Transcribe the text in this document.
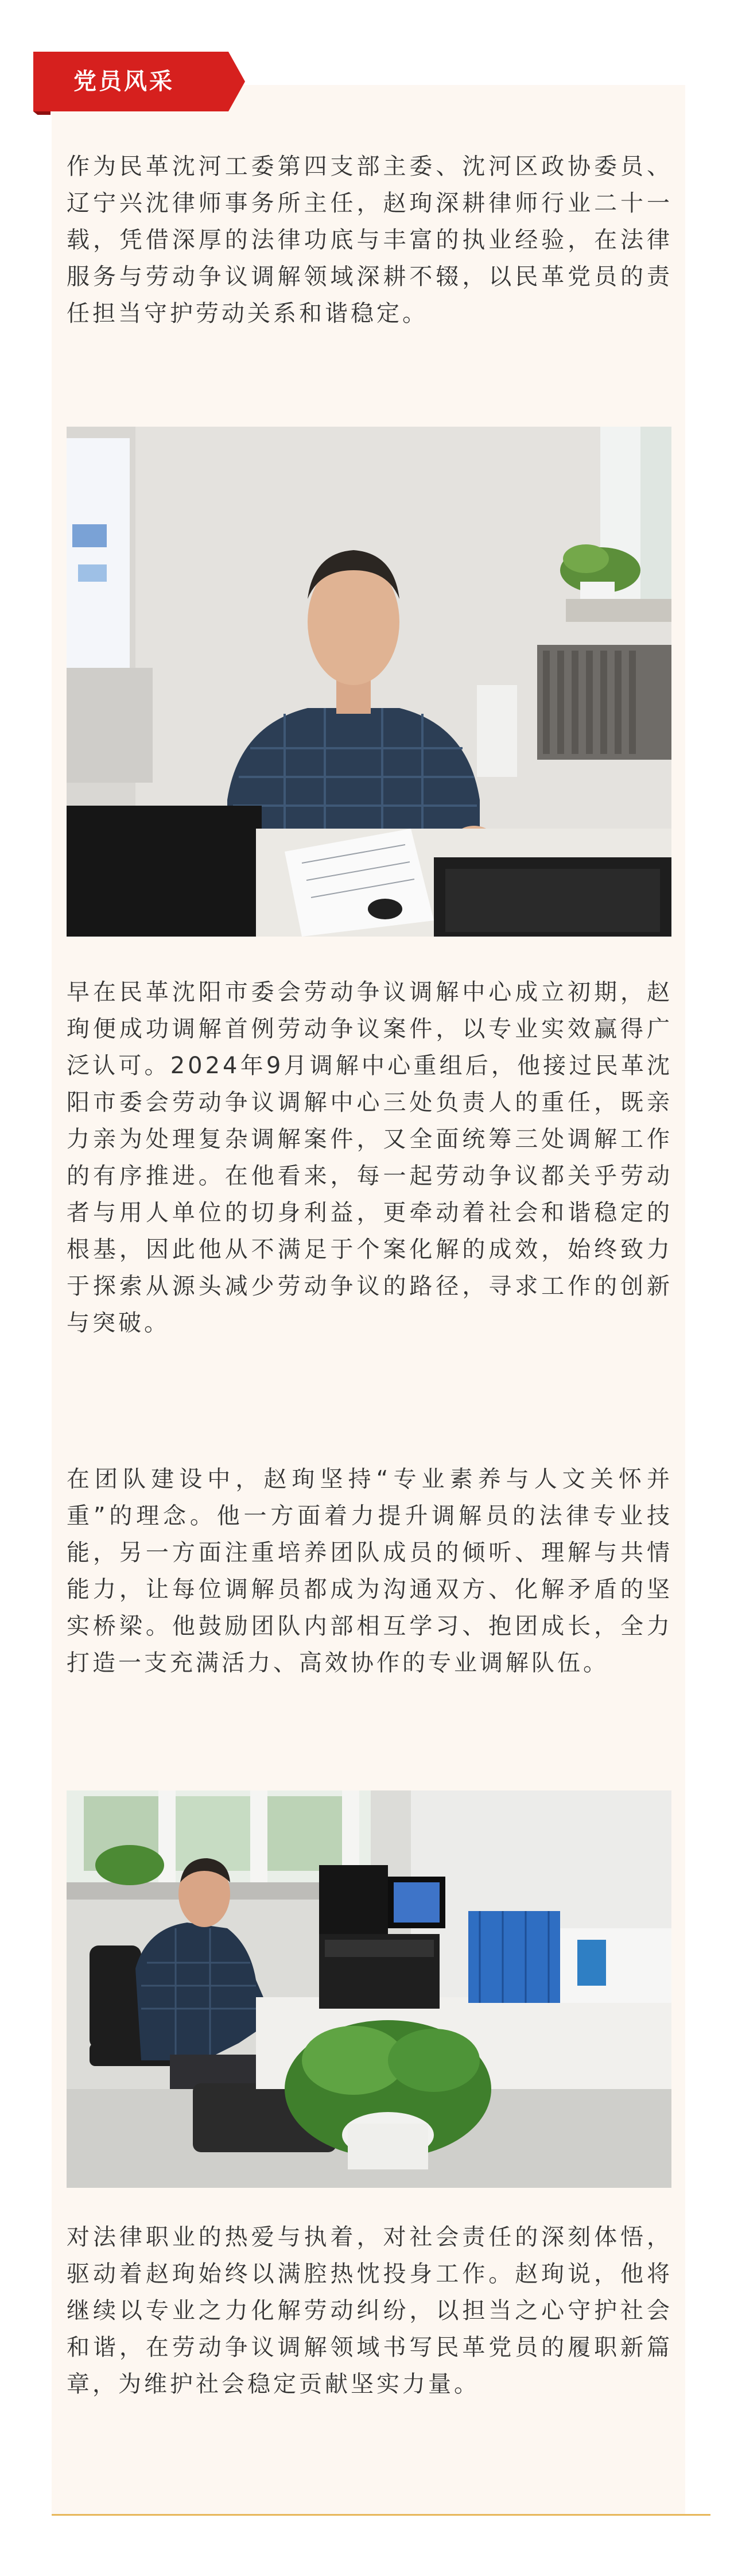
党员风采

作为民革沈河工委第四支部主委、沈河区政协委员、辽宁兴沈律师事务所主任，赵珣深耕律师行业二十一载，凭借深厚的法律功底与丰富的执业经验，在法律服务与劳动争议调解领域深耕不辍，以民革党员的责任担当守护劳动关系和谐稳定。

早在民革沈阳市委会劳动争议调解中心成立初期，赵珣便成功调解首例劳动争议案件，以专业实效赢得广泛认可。2024年9月调解中心重组后，他接过民革沈阳市委会劳动争议调解中心三处负责人的重任，既亲力亲为处理复杂调解案件，又全面统筹三处调解工作的有序推进。在他看来，每一起劳动争议都关乎劳动者与用人单位的切身利益，更牵动着社会和谐稳定的根基，因此他从不满足于个案化解的成效，始终致力于探索从源头减少劳动争议的路径，寻求工作的创新与突破。

在团队建设中，赵珣坚持“专业素养与人文关怀并重”的理念。他一方面着力提升调解员的法律专业技能，另一方面注重培养团队成员的倾听、理解与共情能力，让每位调解员都成为沟通双方、化解矛盾的坚实桥梁。他鼓励团队内部相互学习、抱团成长，全力打造一支充满活力、高效协作的专业调解队伍。

对法律职业的热爱与执着，对社会责任的深刻体悟，驱动着赵珣始终以满腔热忱投身工作。赵珣说，他将继续以专业之力化解劳动纠纷，以担当之心守护社会和谐，在劳动争议调解领域书写民革党员的履职新篇章，为维护社会稳定贡献坚实力量。
